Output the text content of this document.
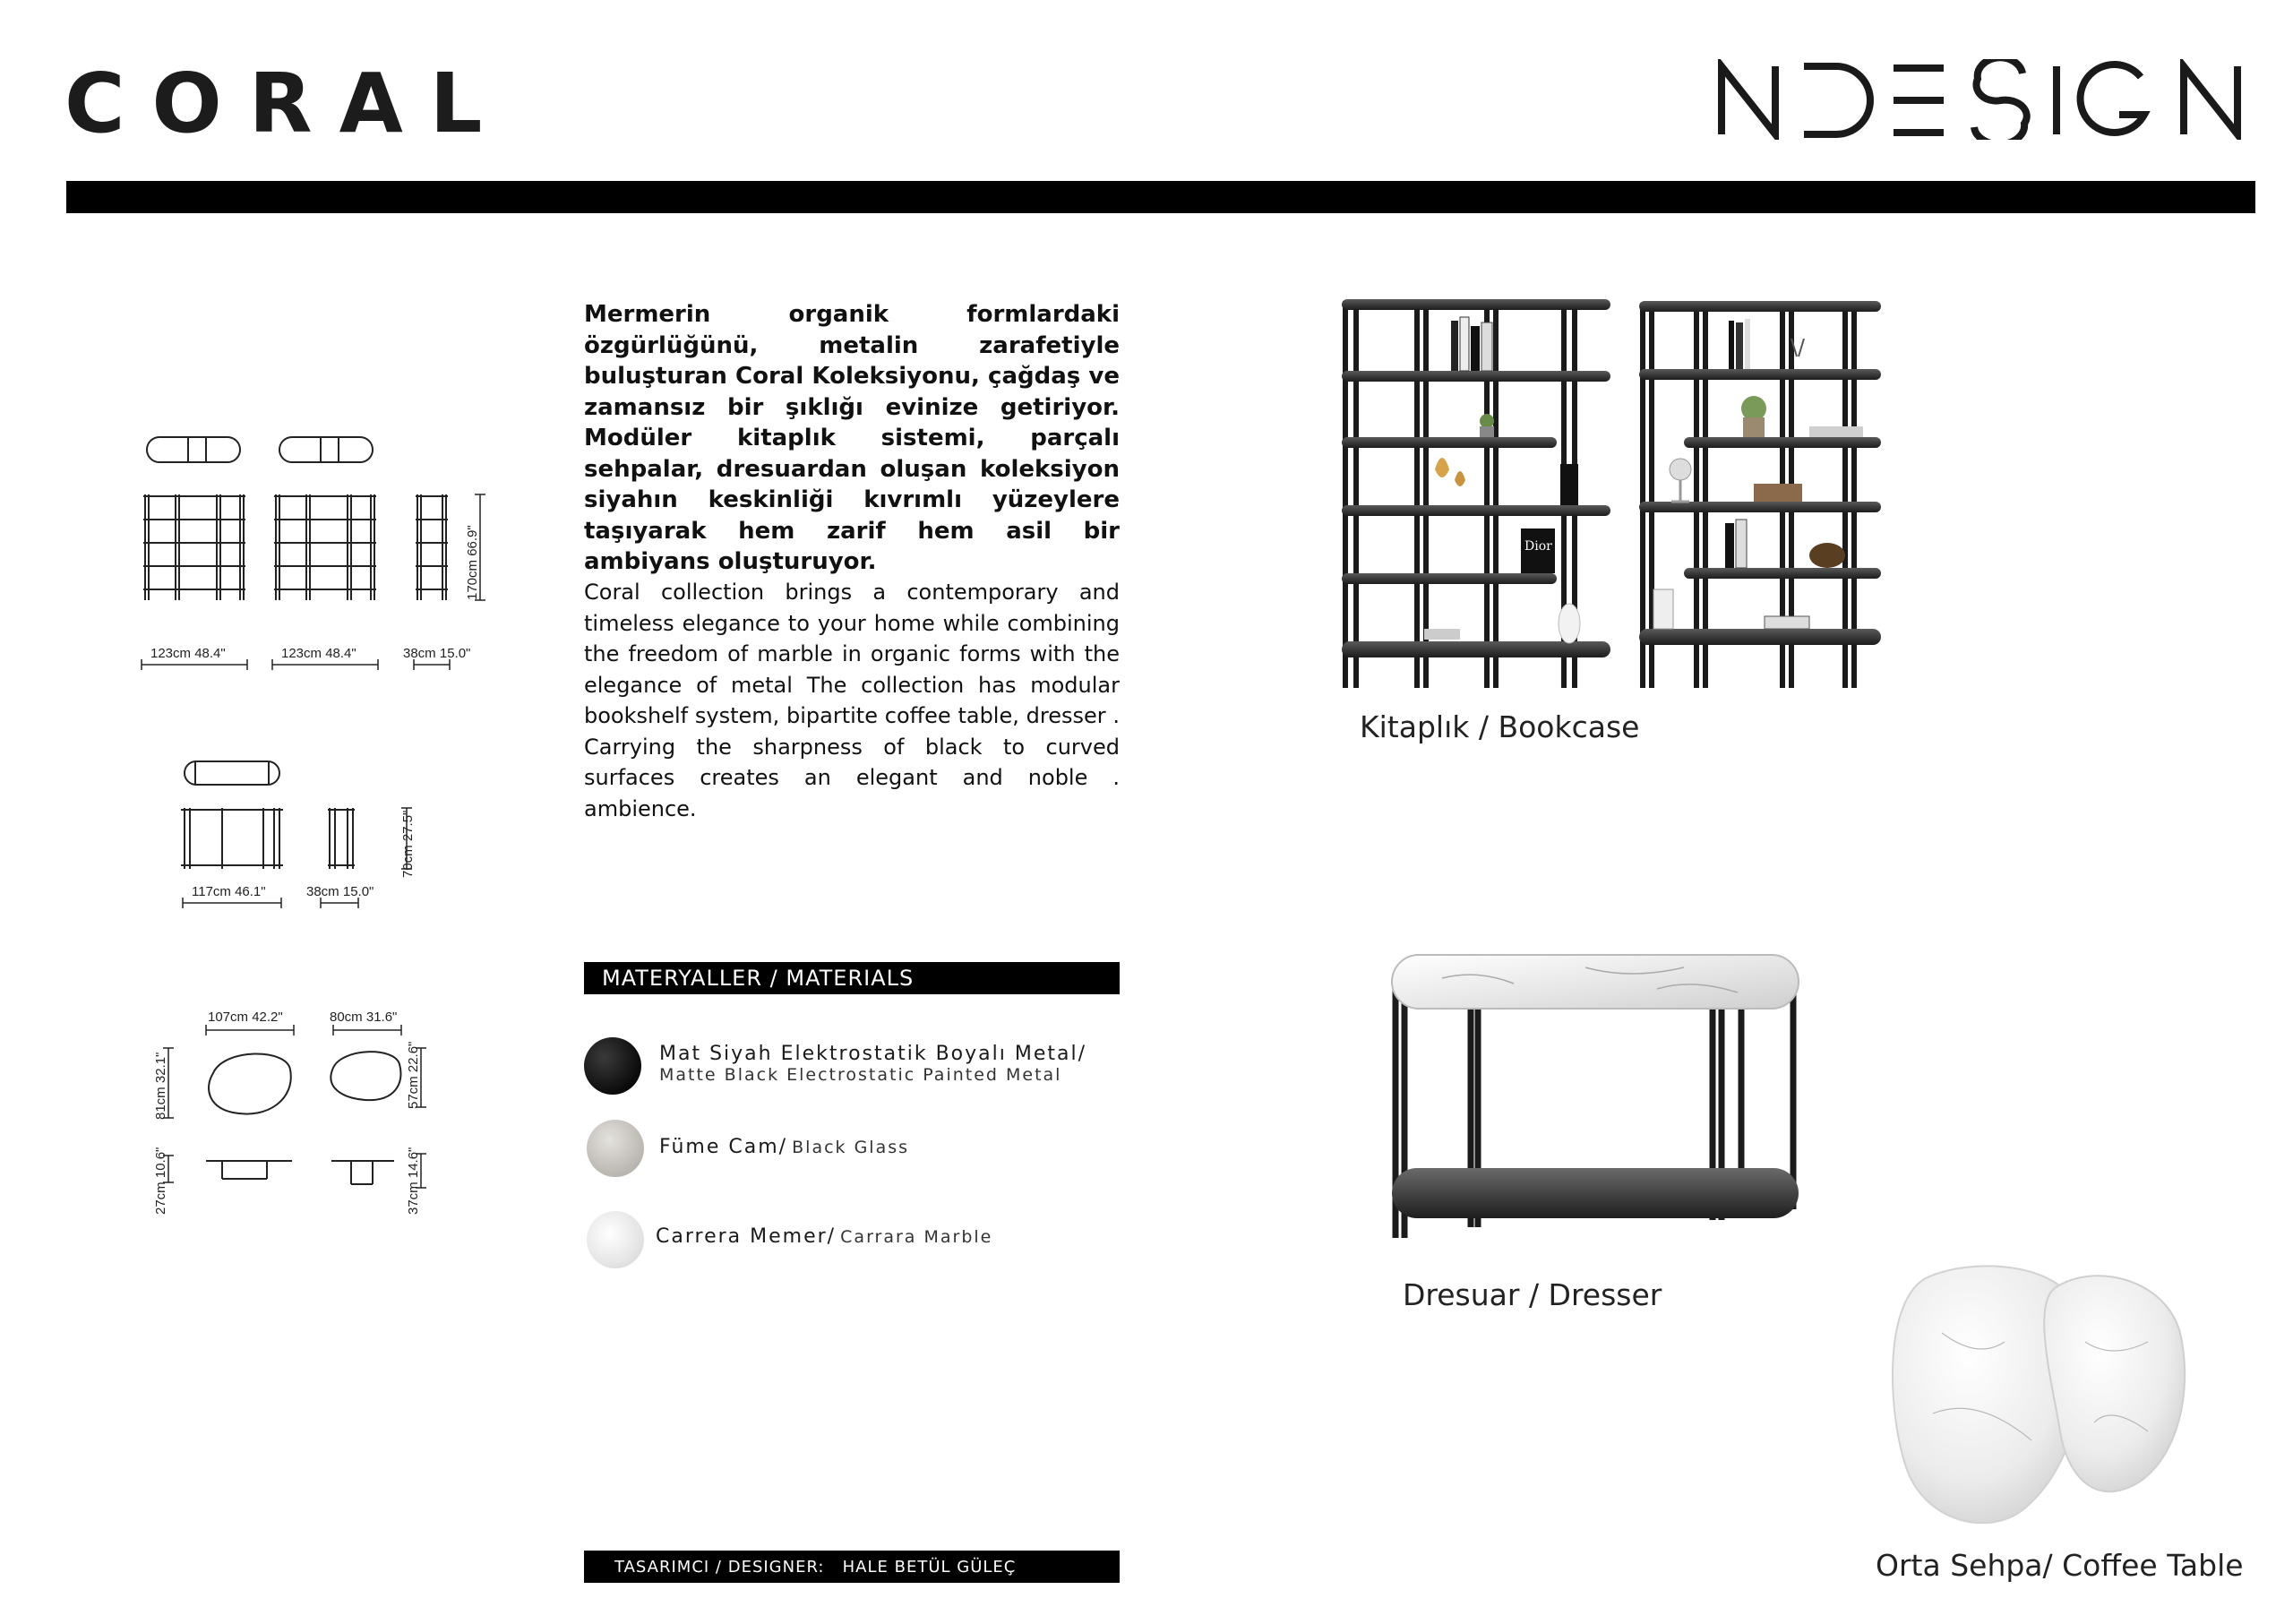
CORAL
123cm 48.4"	123cm 48.4"	38cm 15.0"
170cm 66.9"
117cm 46.1"	38cm 15.0"
70cm 27.5"
107cm 42.2"	80cm 31.6"
81cm 32.1"	57cm 22.6"
27cm 10.6"	37cm 14.6"
Mermerin organik formlardaki özgürlüğünü, metalin zarafetiyle buluşturan Coral Koleksiyonu, çağdaş ve zamansız bir şıklığı evinize getiriyor. Modüler kitaplık sistemi, parçalı sehpalar, dresuardan oluşan koleksiyon siyahın keskinliği kıvrımlı yüzeylere taşıyarak hem zarif hem asil bir ambiyans oluşturuyor.
Coral collection brings a contemporary and timeless elegance to your home while combining the freedom of marble in organic forms with the elegance of metal The collection has modular bookshelf system, bipartite coffee table, dresser . Carrying the sharpness of black to curved surfaces creates an elegant and noble . ambience.
MATERYALLER / MATERIALS
Mat Siyah Elektrostatik Boyalı Metal/
Matte Black Electrostatic Painted Metal
Füme Cam/ Black Glass
Carrera Memer/ Carrara Marble
TASARIMCI / DESIGNER:   HALE BETÜL GÜLEÇ
Dior
Kitaplık / Bookcase
Dresuar / Dresser
Orta Sehpa/ Coffee Table
